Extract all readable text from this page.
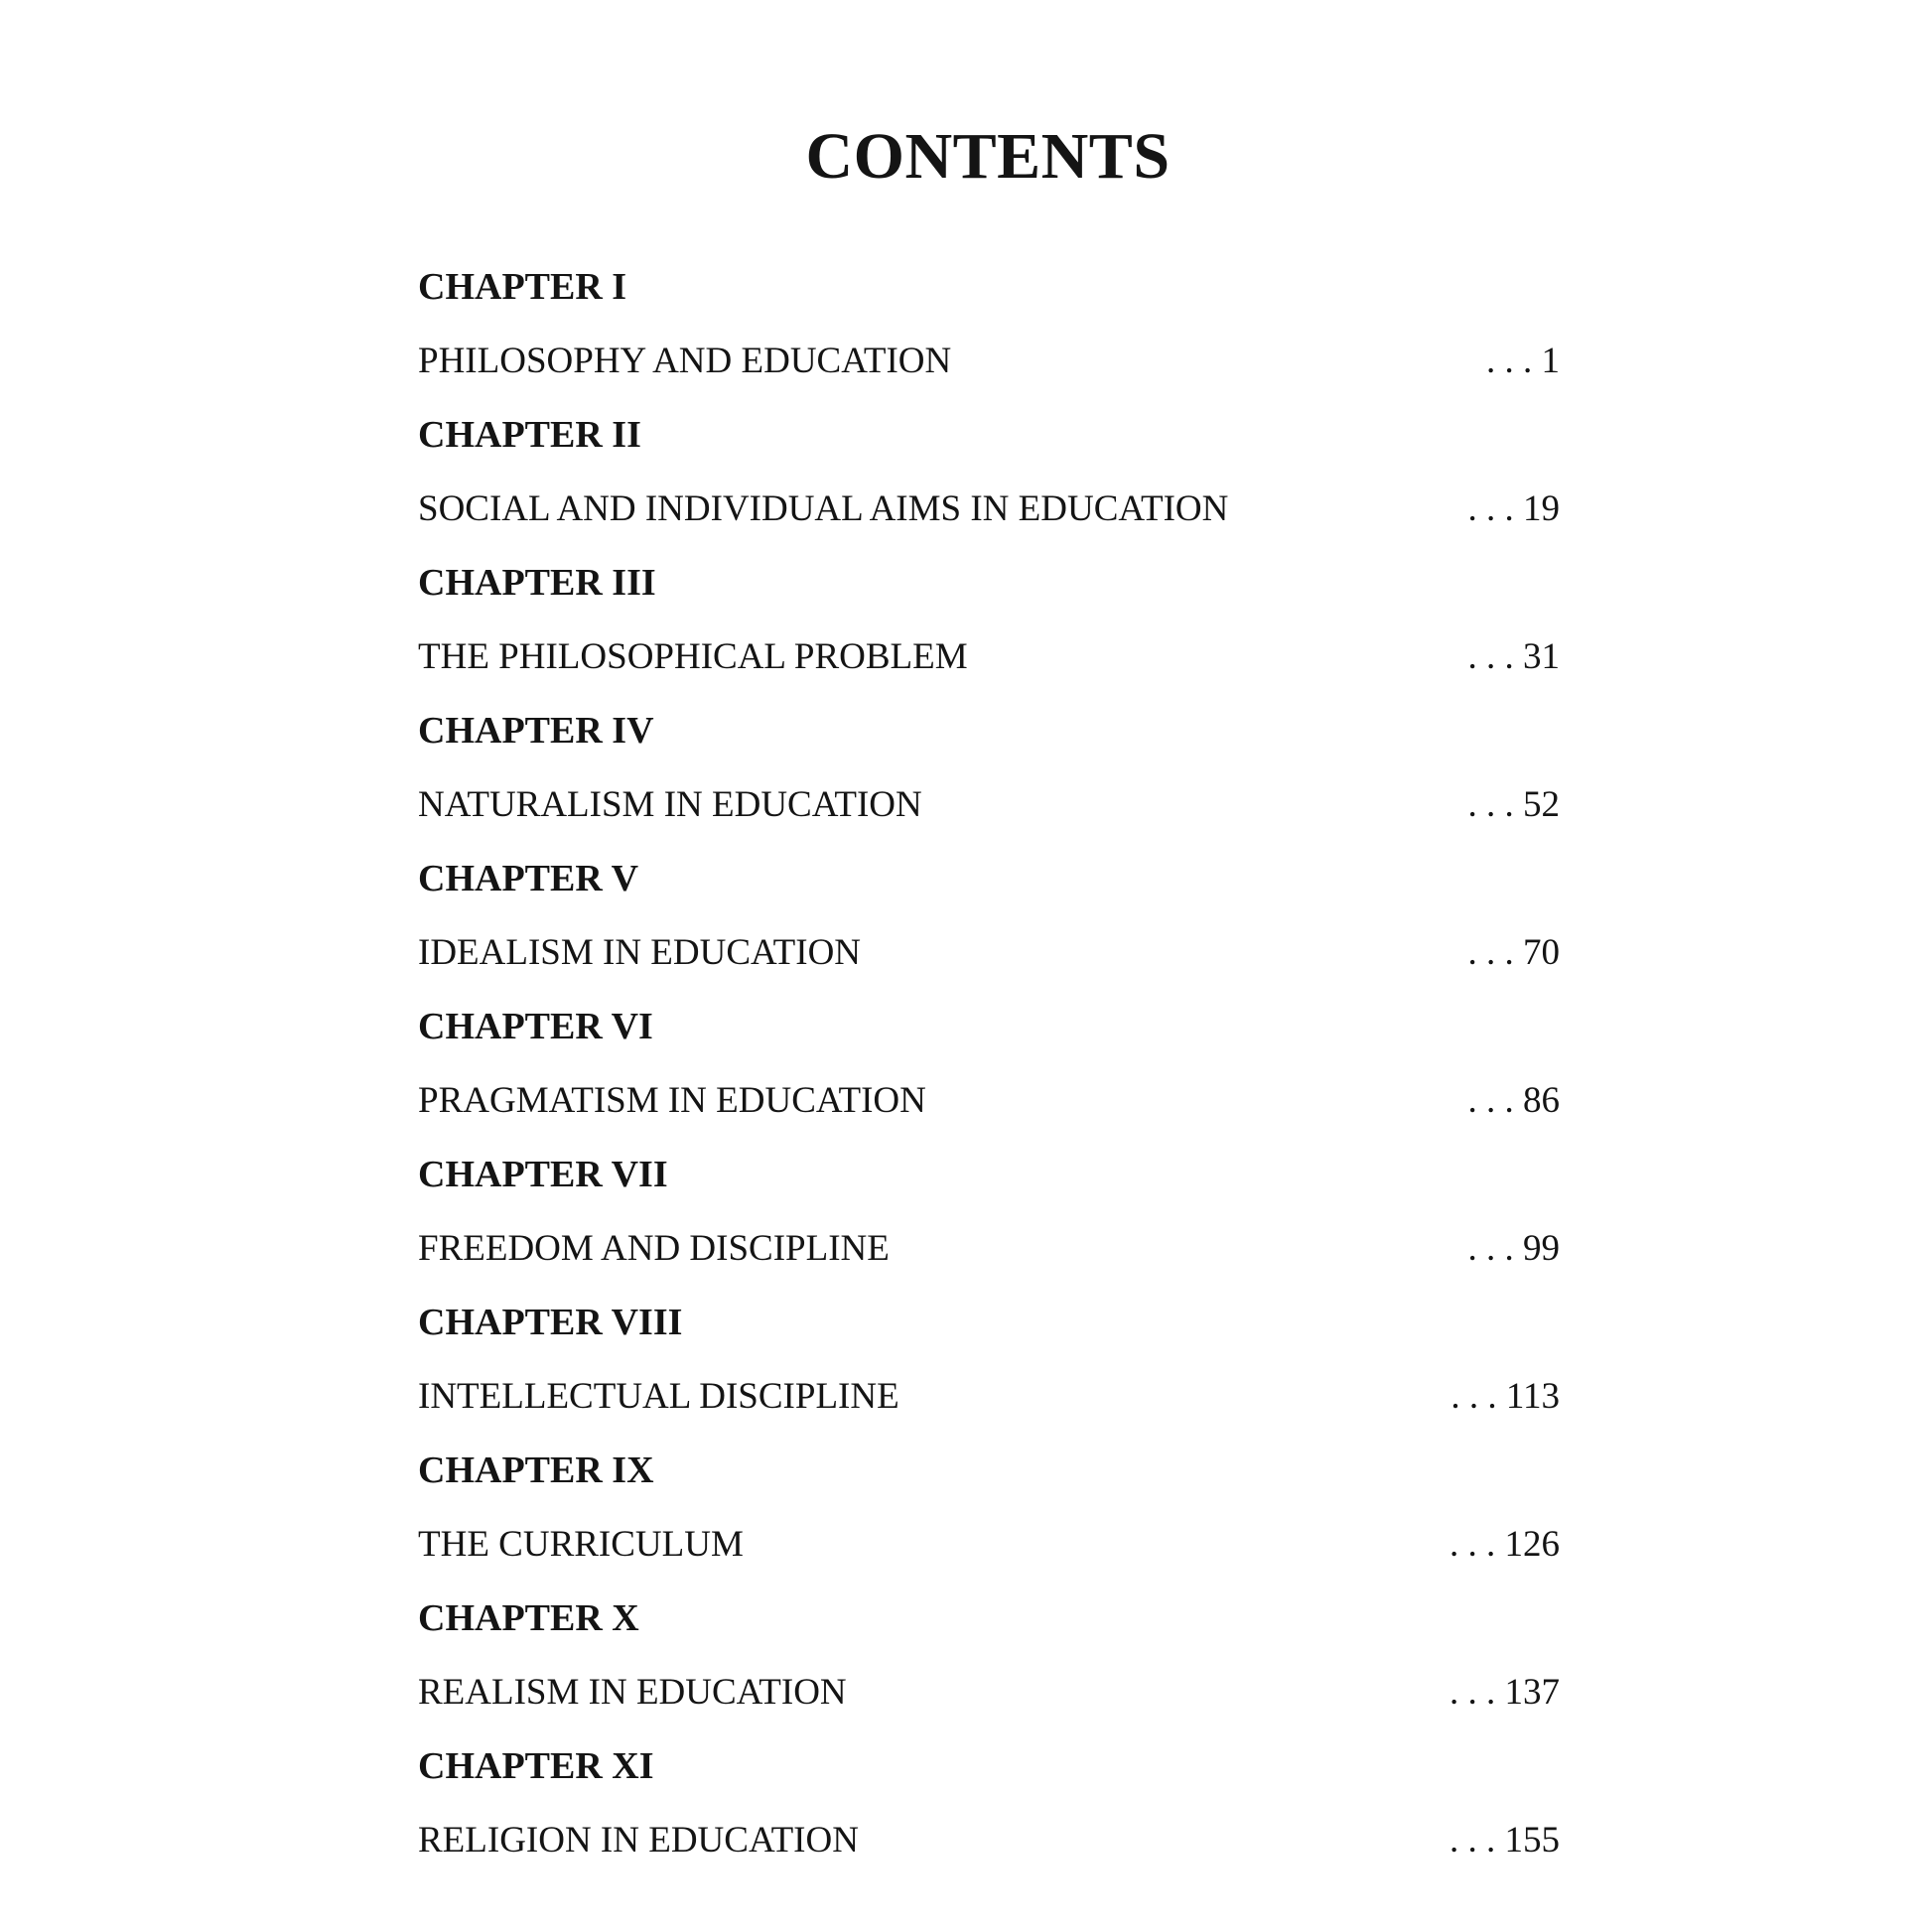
CONTENTS
CHAPTER I
PHILOSOPHY AND EDUCATION	. . . 1
CHAPTER II
SOCIAL AND INDIVIDUAL AIMS IN EDUCATION	. . . 19
CHAPTER III
THE PHILOSOPHICAL PROBLEM	. . . 31
CHAPTER IV
NATURALISM IN EDUCATION	. . . 52
CHAPTER V
IDEALISM IN EDUCATION	. . . 70
CHAPTER VI
PRAGMATISM IN EDUCATION	. . . 86
CHAPTER VII
FREEDOM AND DISCIPLINE	. . . 99
CHAPTER VIII
INTELLECTUAL DISCIPLINE	. . . 113
CHAPTER IX
THE CURRICULUM	. . . 126
CHAPTER X
REALISM IN EDUCATION	. . . 137
CHAPTER XI
RELIGION IN EDUCATION	. . . 155
